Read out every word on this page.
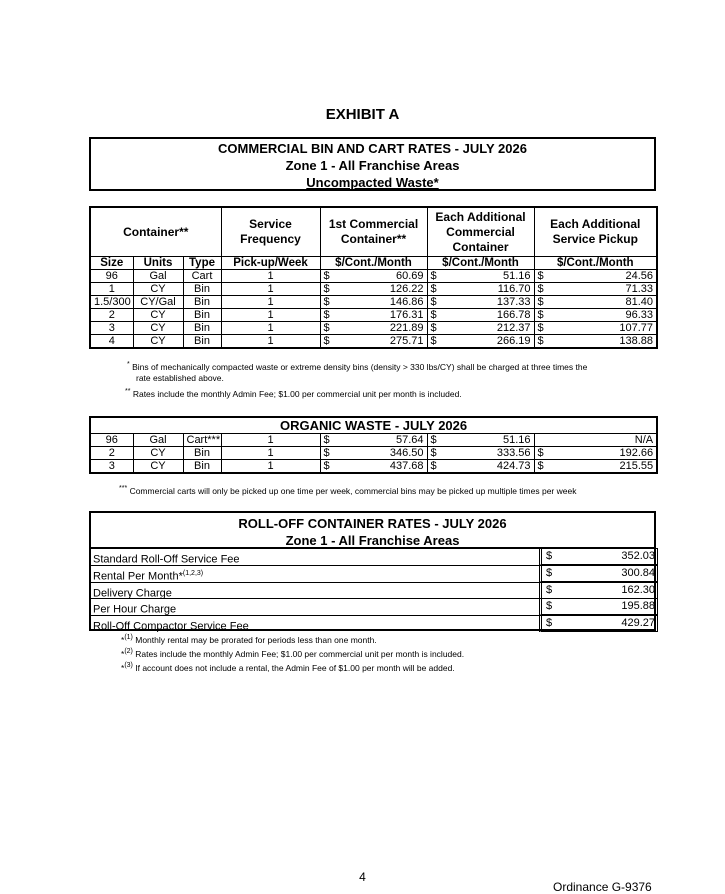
EXHIBIT A
COMMERCIAL BIN AND CART RATES - JULY 2026
Zone 1 - All Franchise Areas
Uncompacted Waste*
Container**			Service Frequency	1st Commercial Container**		Each Additional Commercial Container		Each Additional Service Pickup	
Size	Units	Type	Pick-up/Week	$/Cont./Month		$/Cont./Month		$/Cont./Month	
96	Gal	Cart	1	$	60.69	$	51.16	$	24.56
1	CY	Bin	1	$	126.22	$	116.70	$	71.33
1.5/300	CY/Gal	Bin	1	$	146.86	$	137.33	$	81.40
2	CY	Bin	1	$	176.31	$	166.78	$	96.33
3	CY	Bin	1	$	221.89	$	212.37	$	107.77
4	CY	Bin	1	$	275.71	$	266.19	$	138.88
* Bins of mechanically compacted waste or extreme density bins (density > 330 lbs/CY) shall be charged at three times the
rate established above.
** Rates include the monthly Admin Fee; $1.00 per commercial unit per month is included.
ORGANIC WASTE - JULY 2026									
96	Gal	Cart***	1	$	57.64	$	51.16		N/A
2	CY	Bin	1	$	346.50	$	333.56	$	192.66
3	CY	Bin	1	$	437.68	$	424.73	$	215.55
*** Commercial carts will only be picked up one time per week, commercial bins may be picked up multiple times per week
ROLL-OFF CONTAINER RATES - JULY 2026
Zone 1 - All Franchise Areas
Standard Roll-Off Service Fee	$	352.03
Rental Per Month*$^{(1,2,3)}$	$	300.84
Delivery Charge	$	162.30
Per Hour Charge	$	195.88
Roll-Off Compactor Service Fee	$	429.27
*$^{(1)}$ Monthly rental may be prorated for periods less than one month.
*$^{(2)}$ Rates include the monthly Admin Fee; $1.00 per commercial unit per month is included.
*$^{(3)}$ If account does not include a rental, the Admin Fee of $1.00 per month will be added.
4
Ordinance G-9376
